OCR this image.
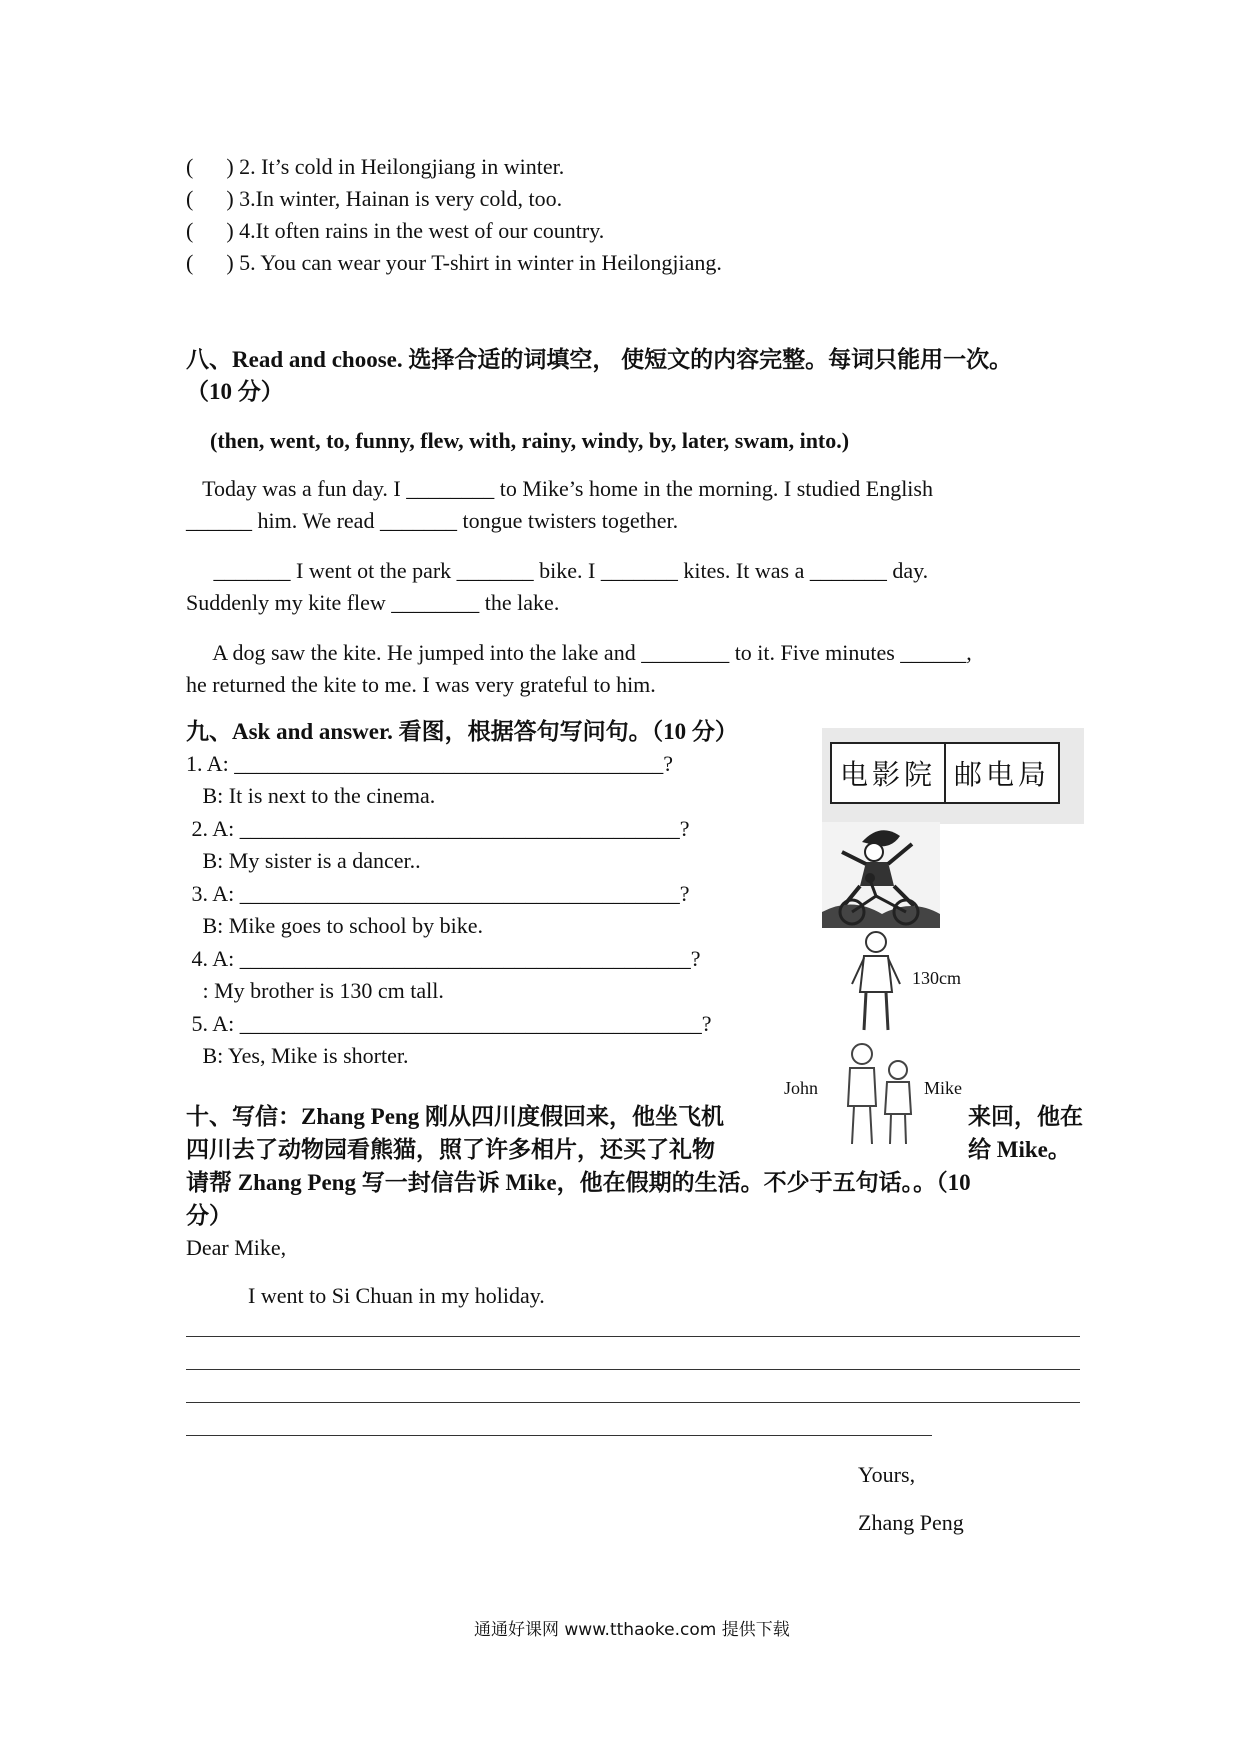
(      ) 2. It’s cold in Heilongjiang in winter.
(      ) 3.In winter, Hainan is very cold, too.
(      ) 4.It often rains in the west of our country.
(      ) 5. You can wear your T-shirt in winter in Heilongjiang.
八、Read and choose. 选择合适的词填空， 使短文的内容完整。每词只能用一次。
（10 分）
(then, went, to, funny, flew, with, rainy, windy, by, later, swam, into.)
Today was a fun day. I ________ to Mike’s home in the morning. I studied English
______ him. We read _______ tongue twisters together.
_______ I went ot the park _______ bike. I _______ kites. It was a _______ day.
Suddenly my kite flew ________ the lake.
A dog saw the kite. He jumped into the lake and ________ to it. Five minutes ______,
he returned the kite to me. I was very grateful to him.
九、Ask and answer. 看图，根据答句写问句。（10 分）
1. A: _______________________________________?
B: It is next to the cinema.
2. A: ________________________________________?
B: My sister is a dancer..
3. A: ________________________________________?
B: Mike goes to school by bike.
4. A: _________________________________________?
: My brother is 130 cm tall.
5. A: __________________________________________?
B: Yes, Mike is shorter.
电影院 邮电局
130cm
John	Mike
十、写信：Zhang Peng 刚从四川度假回来，他坐飞机	来回，他在
四川去了动物园看熊猫，照了许多相片，还买了礼物	给 Mike。
请帮 Zhang Peng 写一封信告诉 Mike，他在假期的生活。不少于五句话。。（10
分）
Dear Mike,
I went to Si Chuan in my holiday.
Yours,
Zhang Peng
通通好课网 www.tthaoke.com 提供下载
